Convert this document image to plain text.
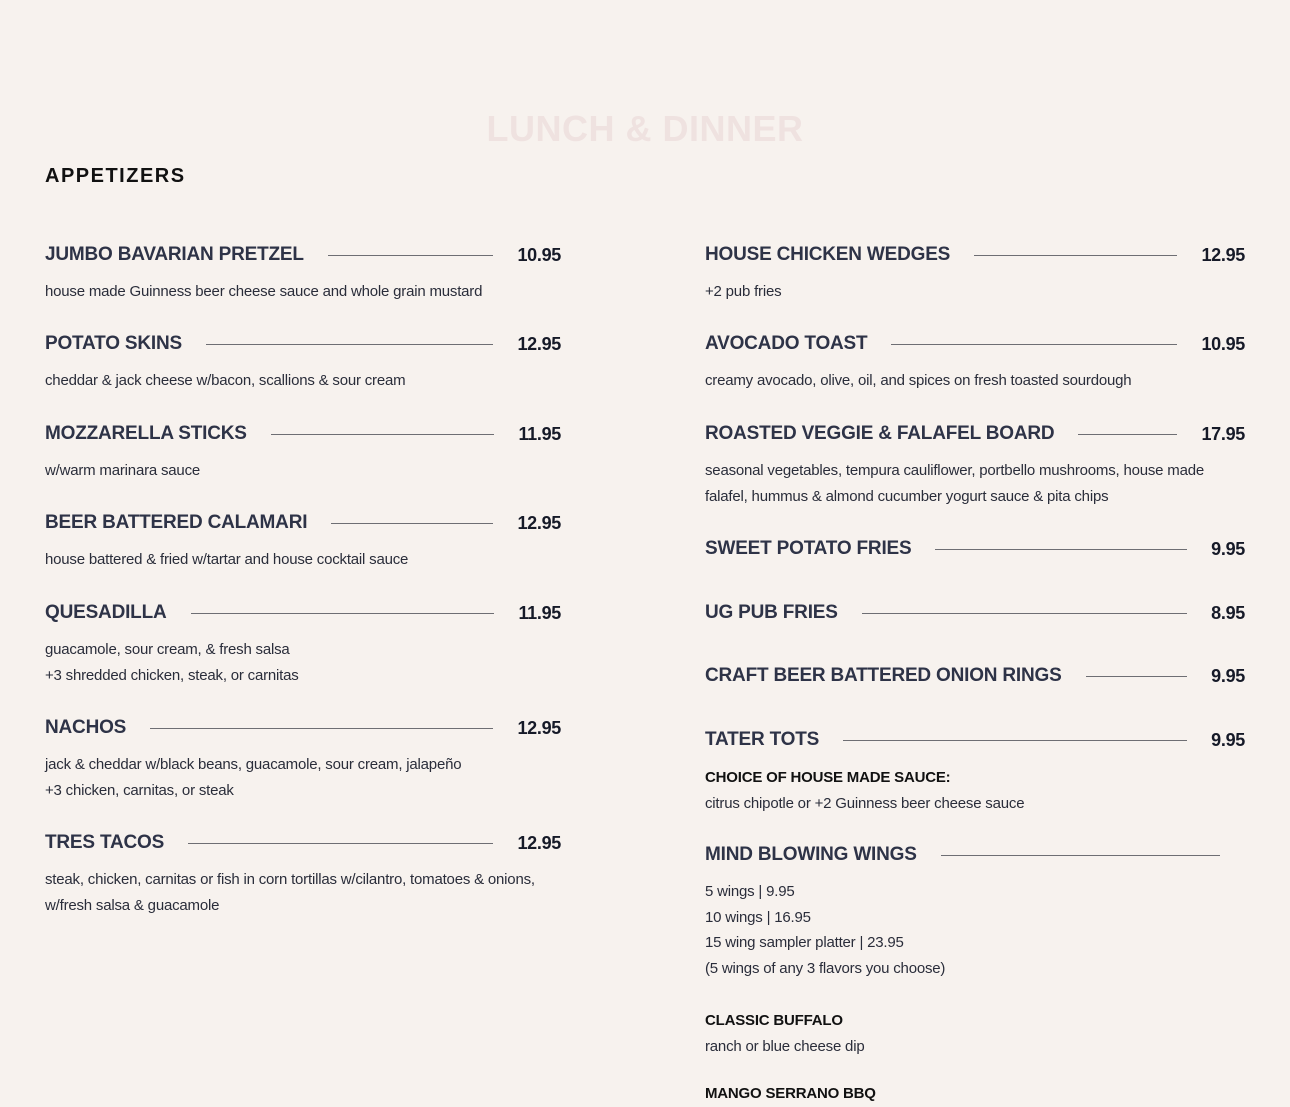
LUNCH & DINNER
APPETIZERS
JUMBO BAVARIAN PRETZEL	10.95
house made Guinness beer cheese sauce and whole grain mustard
POTATO SKINS	12.95
cheddar & jack cheese w/bacon, scallions & sour cream
MOZZARELLA STICKS	11.95
w/warm marinara sauce
BEER BATTERED CALAMARI	12.95
house battered & fried w/tartar and house cocktail sauce
QUESADILLA	11.95
guacamole, sour cream, & fresh salsa
+3 shredded chicken, steak, or carnitas
NACHOS	12.95
jack & cheddar w/black beans, guacamole, sour cream, jalapeño
+3 chicken, carnitas, or steak
TRES TACOS	12.95
steak, chicken, carnitas or fish in corn tortillas w/cilantro, tomatoes & onions,
w/fresh salsa & guacamole
HOUSE CHICKEN WEDGES	12.95
+2 pub fries
AVOCADO TOAST	10.95
creamy avocado, olive, oil, and spices on fresh toasted sourdough
ROASTED VEGGIE & FALAFEL BOARD	17.95
seasonal vegetables, tempura cauliflower, portbello mushrooms, house made
falafel, hummus & almond cucumber yogurt sauce & pita chips
SWEET POTATO FRIES	9.95
UG PUB FRIES	8.95
CRAFT BEER BATTERED ONION RINGS	9.95
TATER TOTS	9.95
CHOICE OF HOUSE MADE SAUCE:
citrus chipotle or +2 Guinness beer cheese sauce
MIND BLOWING WINGS
5 wings | 9.95
10 wings | 16.95
15 wing sampler platter | 23.95
(5 wings of any 3 flavors you choose)
CLASSIC BUFFALO
ranch or blue cheese dip
MANGO SERRANO BBQ
